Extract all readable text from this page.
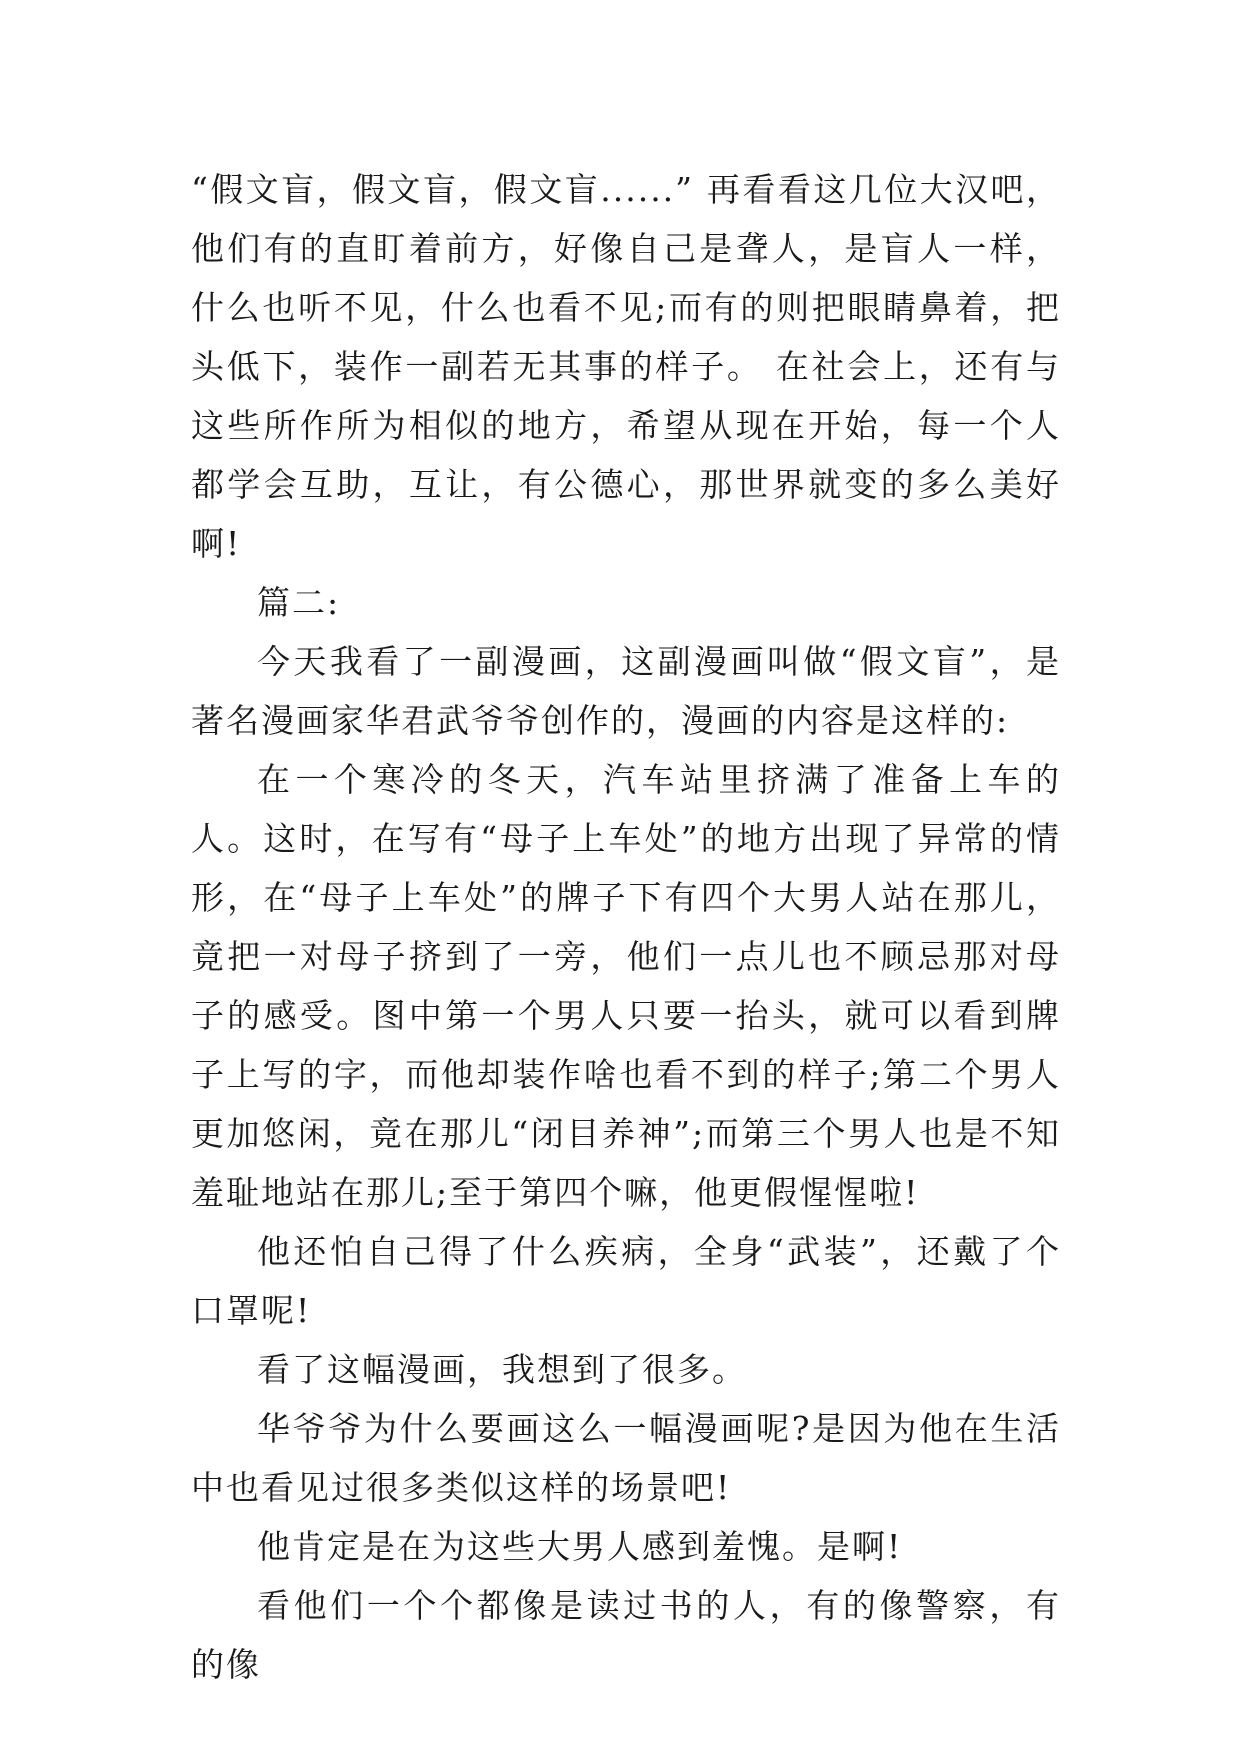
“假文盲，假文盲，假文盲......” 再看看这几位大汉吧，他们有的直盯着前方，好像自己是聋人，是盲人一样，什么也听不见，什么也看不见;而有的则把眼睛鼻着，把头低下，装作一副若无其事的样子。 在社会上，还有与这些所作所为相似的地方，希望从现在开始，每一个人都学会互助，互让，有公德心，那世界就变的多么美好啊!

篇二:

今天我看了一副漫画，这副漫画叫做“假文盲”，是著名漫画家华君武爷爷创作的，漫画的内容是这样的:

在一个寒冷的冬天，汽车站里挤满了准备上车的人。这时，在写有“母子上车处”的地方出现了异常的情形，在“母子上车处”的牌子下有四个大男人站在那儿，竟把一对母子挤到了一旁，他们一点儿也不顾忌那对母子的感受。图中第一个男人只要一抬头，就可以看到牌子上写的字，而他却装作啥也看不到的样子;第二个男人更加悠闲，竟在那儿“闭目养神”;而第三个男人也是不知羞耻地站在那儿;至于第四个嘛，他更假惺惺啦!

他还怕自己得了什么疾病，全身“武装”，还戴了个口罩呢!

看了这幅漫画，我想到了很多。

华爷爷为什么要画这么一幅漫画呢?是因为他在生活中也看见过很多类似这样的场景吧!

他肯定是在为这些大男人感到羞愧。是啊!

看他们一个个都像是读过书的人，有的像警察，有的像
